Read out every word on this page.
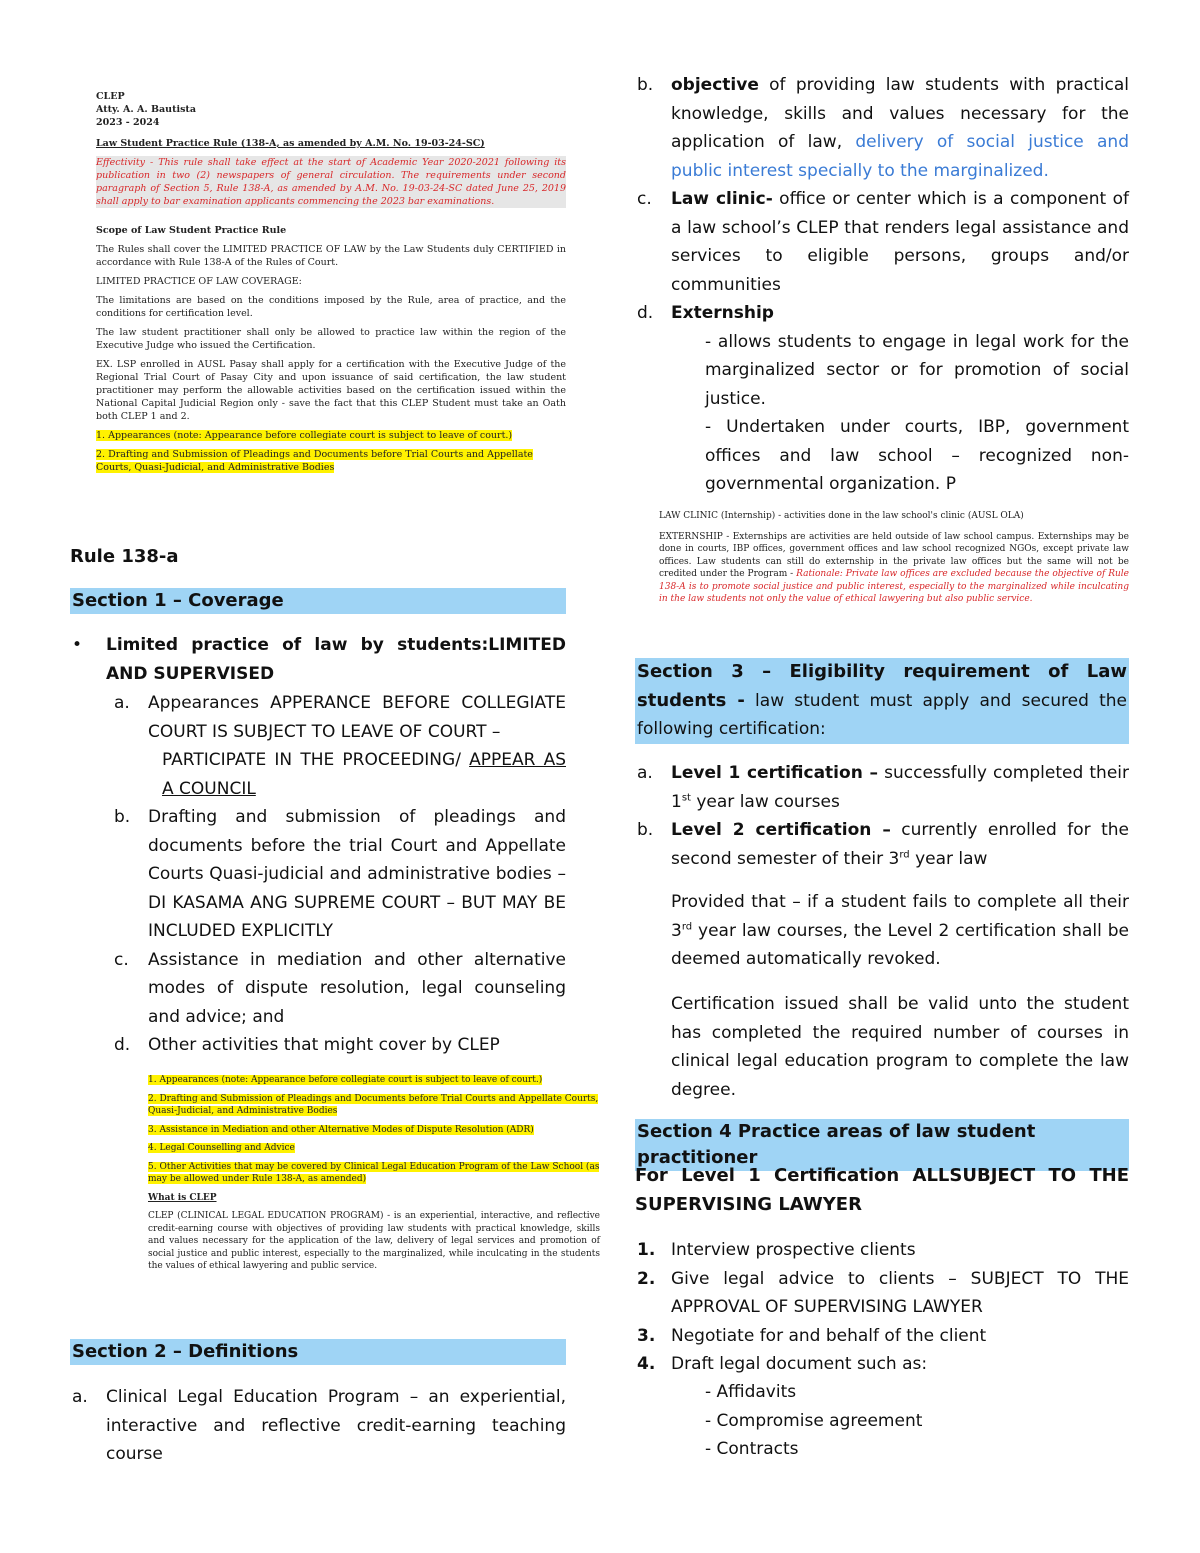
CLEP

Atty. A. A. Bautista

2023 - 2024

Law Student Practice Rule (138-A, as amended by A.M. No. 19-03-24-SC)

Effectivity - This rule shall take effect at the start of Academic Year 2020-2021 following its publication in two (2) newspapers of general circulation. The requirements under second paragraph of Section 5, Rule 138-A, as amended by A.M. No. 19-03-24-SC dated June 25, 2019 shall apply to bar examination applicants commencing the 2023 bar examinations.

Scope of Law Student Practice Rule

The Rules shall cover the LIMITED PRACTICE OF LAW by the Law Students duly CERTIFIED in accordance with Rule 138-A of the Rules of Court.

LIMITED PRACTICE OF LAW COVERAGE:

The limitations are based on the conditions imposed by the Rule, area of practice, and the conditions for certification level.

The law student practitioner shall only be allowed to practice law within the region of the Executive Judge who issued the Certification.

EX. LSP enrolled in AUSL Pasay shall apply for a certification with the Executive Judge of the Regional Trial Court of Pasay City and upon issuance of said certification, the law student practitioner may perform the allowable activities based on the certification issued within the National Capital Judicial Region only - save the fact that this CLEP Student must take an Oath both CLEP 1 and 2.

1. Appearances (note: Appearance before collegiate court is subject to leave of court.)

2. Drafting and Submission of Pleadings and Documents before Trial Courts and Appellate Courts, Quasi-Judicial, and Administrative Bodies

Rule 138-a

Section 1 – Coverage
• Limited practice of law by students:LIMITED AND SUPERVISED

a. Appearances APPERANCE BEFORE COLLEGIATE COURT IS SUBJECT TO LEAVE OF COURT –

PARTICIPATE IN THE PROCEEDING/ APPEAR AS A COUNCIL

b. Drafting and submission of pleadings and documents before the trial Court and Appellate Courts Quasi-judicial and administrative bodies – DI KASAMA ANG SUPREME COURT – BUT MAY BE INCLUDED EXPLICITLY

c. Assistance in mediation and other alternative modes of dispute resolution, legal counseling and advice; and

d. Other activities that might cover by CLEP

1. Appearances (note: Appearance before collegiate court is subject to leave of court.)

2. Drafting and Submission of Pleadings and Documents before Trial Courts and Appellate Courts, Quasi-Judicial, and Administrative Bodies

3. Assistance in Mediation and other Alternative Modes of Dispute Resolution (ADR)

4. Legal Counselling and Advice

5. Other Activities that may be covered by Clinical Legal Education Program of the Law School (as may be allowed under Rule 138-A, as amended)

What is CLEP

CLEP (CLINICAL LEGAL EDUCATION PROGRAM) - is an experiential, interactive, and reflective credit-earning course with objectives of providing law students with practical knowledge, skills and values necessary for the application of the law, delivery of legal services and promotion of social justice and public interest, especially to the marginalized, while inculcating in the students the values of ethical lawyering and public service.

Section 2 – Definitions
a. Clinical Legal Education Program – an experiential, interactive and reflective credit-earning teaching course

b. objective of providing law students with practical knowledge, skills and values necessary for the application of law, delivery of social justice and public interest specially to the marginalized.

c. Law clinic- office or center which is a component of a law school’s CLEP that renders legal assistance and services to eligible persons, groups and/or communities

d. Externship

- allows students to engage in legal work for the marginalized sector or for promotion of social justice.

- Undertaken under courts, IBP, government offices and law school – recognized non-governmental organization. P

LAW CLINIC (Internship) - activities done in the law school's clinic (AUSL OLA)

EXTERNSHIP - Externships are activities are held outside of law school campus. Externships may be done in courts, IBP offices, government offices and law school recognized NGOs, except private law offices. Law students can still do externship in the private law offices but the same will not be credited under the Program - Rationale: Private law offices are excluded because the objective of Rule 138-A is to promote social justice and public interest, especially to the marginalized while inculcating in the law students not only the value of ethical lawyering but also public service.

Section 3 – Eligibility requirement of Law students - law student must apply and secured the following certification:

a. Level 1 certification – successfully completed their 1st year law courses

b. Level 2 certification – currently enrolled for the second semester of their 3rd year law

Provided that – if a student fails to complete all their 3rd year law courses, the Level 2 certification shall be deemed automatically revoked.

Certification issued shall be valid unto the student has completed the required number of courses in clinical legal education program to complete the law degree.

Section 4 Practice areas of law student practitioner

For Level 1 Certification ALLSUBJECT TO THE SUPERVISING LAWYER

1. Interview prospective clients

2. Give legal advice to clients – SUBJECT TO THE APPROVAL OF SUPERVISING LAWYER

3. Negotiate for and behalf of the client

4. Draft legal document such as:

- Affidavits
- Compromise agreement
- Contracts
